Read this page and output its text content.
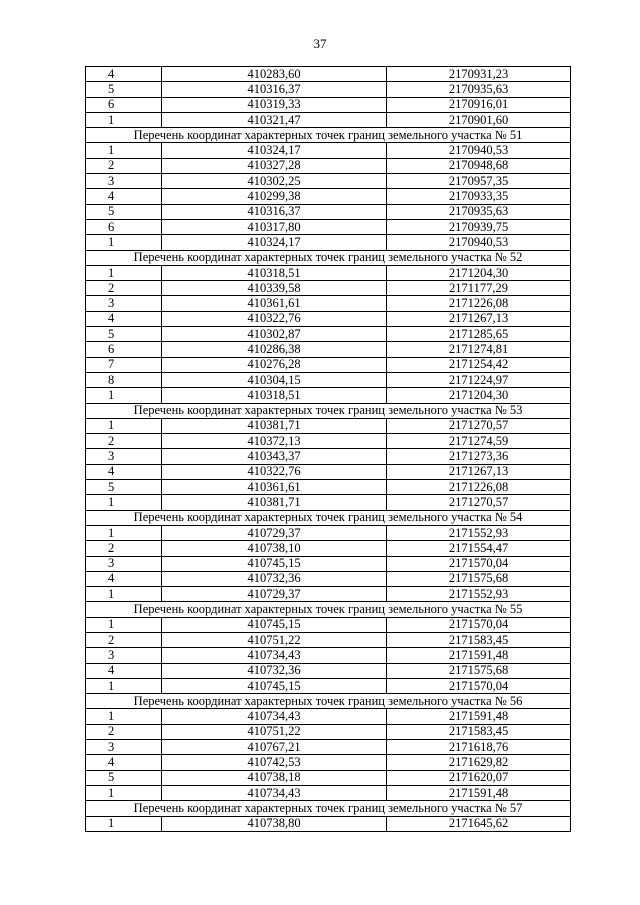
37
4	410283,60	2170931,23
5	410316,37	2170935,63
6	410319,33	2170916,01
1	410321,47	2170901,60
Перечень координат характерных точек границ земельного участка № 51		
1	410324,17	2170940,53
2	410327,28	2170948,68
3	410302,25	2170957,35
4	410299,38	2170933,35
5	410316,37	2170935,63
6	410317,80	2170939,75
1	410324,17	2170940,53
Перечень координат характерных точек границ земельного участка № 52		
1	410318,51	2171204,30
2	410339,58	2171177,29
3	410361,61	2171226,08
4	410322,76	2171267,13
5	410302,87	2171285,65
6	410286,38	2171274,81
7	410276,28	2171254,42
8	410304,15	2171224,97
1	410318,51	2171204,30
Перечень координат характерных точек границ земельного участка № 53		
1	410381,71	2171270,57
2	410372,13	2171274,59
3	410343,37	2171273,36
4	410322,76	2171267,13
5	410361,61	2171226,08
1	410381,71	2171270,57
Перечень координат характерных точек границ земельного участка № 54		
1	410729,37	2171552,93
2	410738,10	2171554,47
3	410745,15	2171570,04
4	410732,36	2171575,68
1	410729,37	2171552,93
Перечень координат характерных точек границ земельного участка № 55		
1	410745,15	2171570,04
2	410751,22	2171583,45
3	410734,43	2171591,48
4	410732,36	2171575,68
1	410745,15	2171570,04
Перечень координат характерных точек границ земельного участка № 56		
1	410734,43	2171591,48
2	410751,22	2171583,45
3	410767,21	2171618,76
4	410742,53	2171629,82
5	410738,18	2171620,07
1	410734,43	2171591,48
Перечень координат характерных точек границ земельного участка № 57		
1	410738,80	2171645,62
